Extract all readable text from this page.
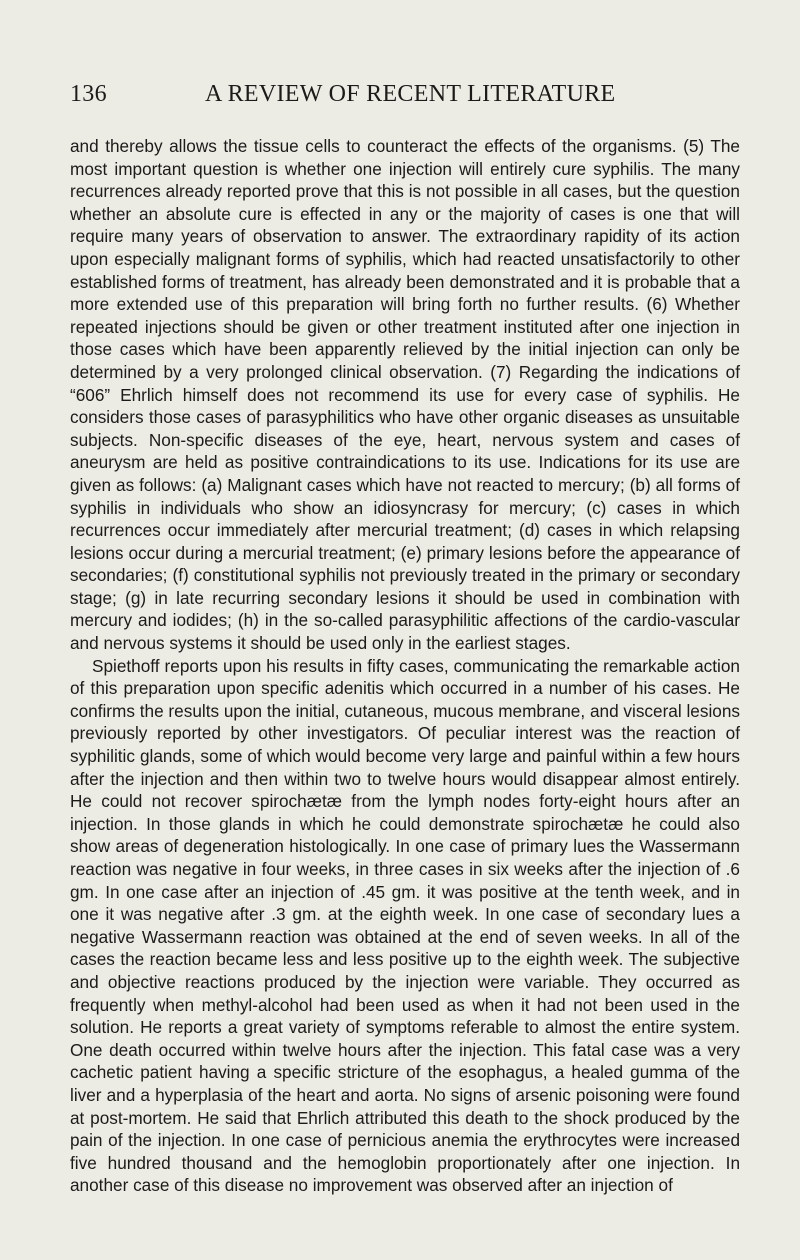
136	A REVIEW OF RECENT LITERATURE

and thereby allows the tissue cells to counteract the effects of the organisms. (5) The most important question is whether one injection will entirely cure syphilis. The many recurrences already reported prove that this is not possible in all cases, but the question whether an absolute cure is effected in any or the majority of cases is one that will require many years of observation to answer. The extraordinary rapidity of its action upon especially malignant forms of syphilis, which had reacted unsatisfactorily to other established forms of treatment, has already been demonstrated and it is probable that a more extended use of this preparation will bring forth no further results. (6) Whether repeated injections should be given or other treatment instituted after one injection in those cases which have been apparently relieved by the initial injection can only be determined by a very prolonged clinical observation. (7) Regarding the indications of “606” Ehrlich himself does not recommend its use for every case of syphilis. He considers those cases of parasyphilitics who have other organic diseases as unsuitable subjects. Non-specific diseases of the eye, heart, nervous system and cases of aneurysm are held as positive contraindications to its use. Indications for its use are given as follows: (a) Malignant cases which have not reacted to mercury; (b) all forms of syphilis in individuals who show an idiosyncrasy for mercury; (c) cases in which recurrences occur immediately after mercurial treatment; (d) cases in which relapsing lesions occur during a mercurial treatment; (e) primary lesions before the appearance of secondaries; (f) constitutional syphilis not previously treated in the primary or secondary stage; (g) in late recurring secondary lesions it should be used in combination with mercury and iodides; (h) in the so-called parasyphilitic affections of the cardio-vascular and nervous systems it should be used only in the earliest stages.

Spiethoff reports upon his results in fifty cases, communicating the remarkable action of this preparation upon specific adenitis which occurred in a number of his cases. He confirms the results upon the initial, cutaneous, mucous membrane, and visceral lesions previously reported by other investigators. Of peculiar interest was the reaction of syphilitic glands, some of which would become very large and painful within a few hours after the injection and then within two to twelve hours would disappear almost entirely. He could not recover spirochætæ from the lymph nodes forty-eight hours after an injection. In those glands in which he could demonstrate spirochætæ he could also show areas of degeneration histologically. In one case of primary lues the Wassermann reaction was negative in four weeks, in three cases in six weeks after the injection of .6 gm. In one case after an injection of .45 gm. it was positive at the tenth week, and in one it was negative after .3 gm. at the eighth week. In one case of secondary lues a negative Wassermann reaction was obtained at the end of seven weeks. In all of the cases the reaction became less and less positive up to the eighth week. The subjective and objective reactions produced by the injection were variable. They occurred as frequently when methyl-alcohol had been used as when it had not been used in the solution. He reports a great variety of symptoms referable to almost the entire system. One death occurred within twelve hours after the injection. This fatal case was a very cachetic patient having a specific stricture of the esophagus, a healed gumma of the liver and a hyperplasia of the heart and aorta. No signs of arsenic poisoning were found at post-mortem. He said that Ehrlich attributed this death to the shock produced by the pain of the injection. In one case of pernicious anemia the erythrocytes were increased five hundred thousand and the hemoglobin proportionately after one injection. In another case of this disease no improvement was observed after an injection of
